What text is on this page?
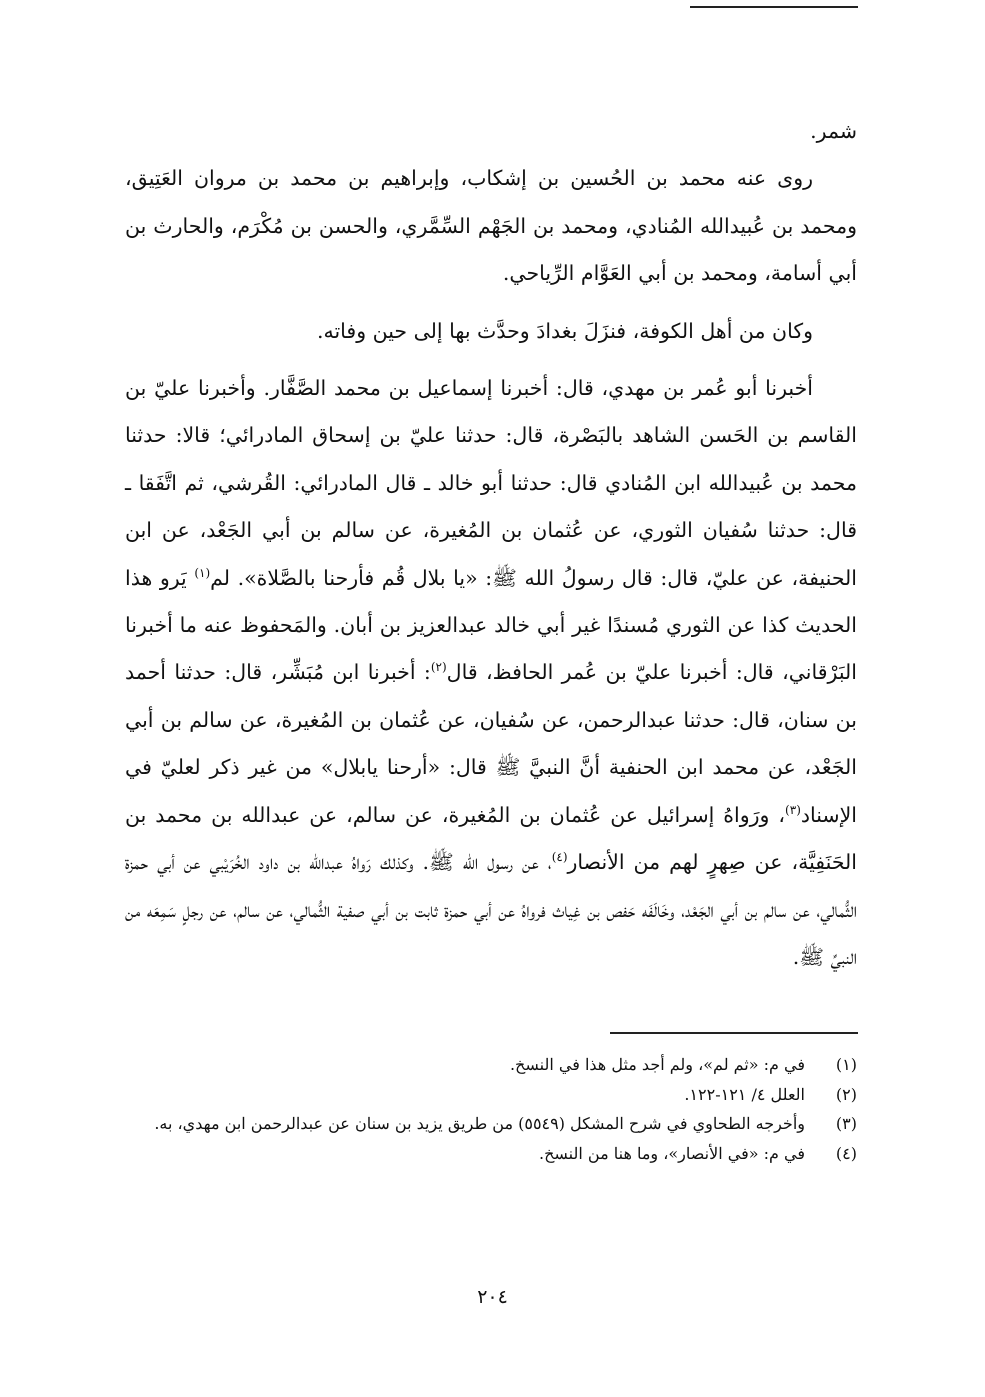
شمر.

روى عنه محمد بن الحُسين بن إشكاب، وإبراهيم بن محمد بن مروان العَتِيق، ومحمد بن عُبيدالله المُنادي، ومحمد بن الجَهْم السِّمَّري، والحسن بن مُكْرَم، والحارث بن أبي أسامة، ومحمد بن أبي العَوَّام الرِّياحي.

وكان من أهل الكوفة، فنزَلَ بغدادَ وحدَّث بها إلى حين وفاته.

أخبرنا أبو عُمر بن مهدي، قال: أخبرنا إسماعيل بن محمد الصَّفَّار. وأخبرنا عليّ بن القاسم بن الحَسن الشاهد بالبَصْرة، قال: حدثنا عليّ بن إسحاق المادرائي؛ قالا: حدثنا محمد بن عُبيدالله ابن المُنادي قال: حدثنا أبو خالد ـ قال المادرائي: القُرشي، ثم اتَّفَقا ـ قال: حدثنا سُفيان الثوري، عن عُثمان بن المُغيرة، عن سالم بن أبي الجَعْد، عن ابن الحنيفة، عن عليّ، قال: قال رسولُ الله ﷺ: «يا بلال قُم فأرحنا بالصَّلاة». لم$^{(١)}$ يَرو هذا الحديث كذا عن الثوري مُسندًا غير أبي خالد عبدالعزيز بن أبان. والمَحفوظ عنه ما أخبرنا البَرْقاني، قال: أخبرنا عليّ بن عُمر الحافظ، قال$^{(٢)}$: أخبرنا ابن مُبَشِّر، قال: حدثنا أحمد بن سنان، قال: حدثنا عبدالرحمن، عن سُفيان، عن عُثمان بن المُغيرة، عن سالم بن أبي الجَعْد، عن محمد ابن الحنفية أنَّ النبيَّ ﷺ قال: «أرحنا يابلال» من غير ذكر لعليّ في الإسناد$^{(٣)}$، ورَواهُ إسرائيل عن عُثمان بن المُغيرة، عن سالم، عن عبدالله بن محمد بن الحَنَفِيَّة، عن صِهرٍ لهم من الأنصار$^{(٤)}$، عن رسول الله ﷺ. وكذلك رَواهُ عبدالله بن داود الخُرَيْبي عن أبي حمزة الثُّمالي، عن سالم بن أبي الجَعْد، وخَالَفَه حَفص بن غِياث فرواهُ عن أبي حمزة ثابت بن أبي صفية الثُّمالي، عن سالم، عن رجلٍ سَمِعَه من النبيِّ ﷺ.

(١)
في م: «ثم لم»، ولم أجد مثل هذا في النسخ.
(٢)
العلل ٤/ ١٢١-١٢٢.
(٣)
وأخرجه الطحاوي في شرح المشكل (٥٥٤٩) من طريق يزيد بن سنان عن عبدالرحمن ابن مهدي، به.
(٤)
في م: «في الأنصار»، وما هنا من النسخ.
٢٠٤
